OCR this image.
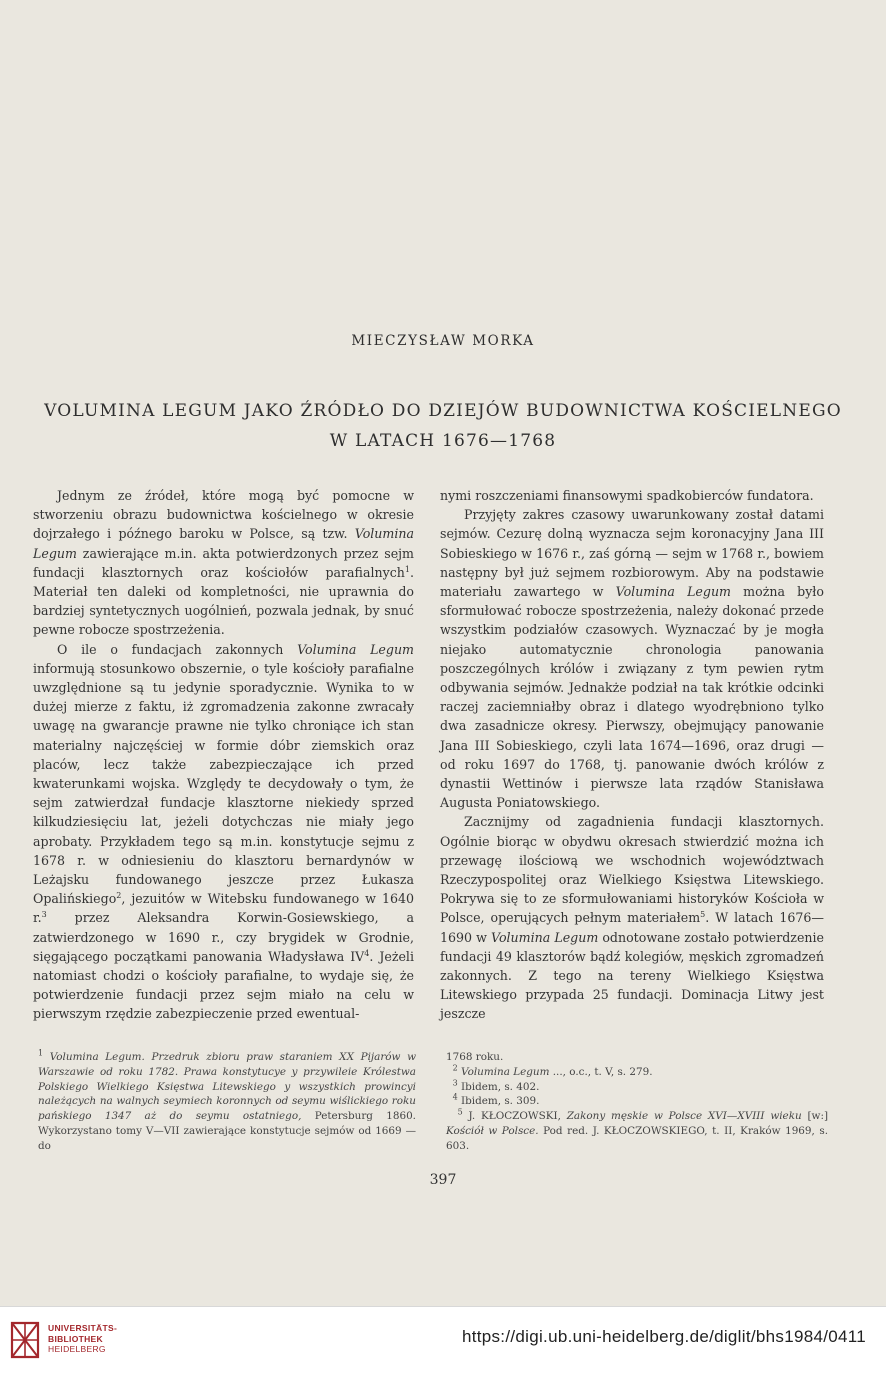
MIECZYSŁAW MORKA
VOLUMINA LEGUM JAKO ŹRÓDŁO DO DZIEJÓW BUDOWNICTWA KOŚCIELNEGO
W LATACH 1676—1768

Jednym ze źródeł, które mogą być pomocne w stworzeniu obrazu budownictwa kościelnego w okresie dojrzałego i późnego baroku w Polsce, są tzw. Volumina Legum zawierające m.in. akta potwierdzonych przez sejm fundacji klasztornych oraz kościołów parafialnych$^1$. Materiał ten daleki od kompletności, nie uprawnia do bardziej syntetycznych uogólnień, pozwala jednak, by snuć pewne robocze spostrzeżenia.

O ile o fundacjach zakonnych Volumina Legum informują stosunkowo obszernie, o tyle kościoły parafialne uwzględnione są tu jedynie sporadycznie. Wynika to w dużej mierze z faktu, iż zgromadzenia zakonne zwracały uwagę na gwarancje prawne nie tylko chroniące ich stan materialny najczęściej w formie dóbr ziemskich oraz placów, lecz także zabezpieczające ich przed kwaterunkami wojska. Względy te decydowały o tym, że sejm zatwierdzał fundacje klasztorne niekiedy sprzed kilkudziesięciu lat, jeżeli dotychczas nie miały jego aprobaty. Przykładem tego są m.in. konstytucje sejmu z 1678 r. w odniesieniu do klasztoru bernardynów w Leżajsku fundowanego jeszcze przez Łukasza Opalińskiego$^2$, jezuitów w Witebsku fundowanego w 1640 r.$^3$ przez Aleksandra Korwin-Gosiewskiego, a zatwierdzonego w 1690 r., czy brygidek w Grodnie, sięgającego początkami panowania Władysława $IV^4$. Jeżeli natomiast chodzi o kościoły parafialne, to wydaje się, że potwierdzenie fundacji przez sejm miało na celu w pierwszym rzędzie zabezpieczenie przed ewentual-

nymi roszczeniami finansowymi spadkobierców fundatora.

Przyjęty zakres czasowy uwarunkowany został datami sejmów. Cezurę dolną wyznacza sejm koronacyjny Jana III Sobieskiego w 1676 r., zaś górną — sejm w 1768 r., bowiem następny był już sejmem rozbiorowym. Aby na podstawie materiału zawartego w Volumina Legum można było sformułować robocze spostrzeżenia, należy dokonać przede wszystkim podziałów czasowych. Wyznaczać by je mogła niejako automatycznie chronologia panowania poszczególnych królów i związany z tym pewien rytm odbywania sejmów. Jednakże podział na tak krótkie odcinki raczej zaciemniałby obraz i dlatego wyodrębniono tylko dwa zasadnicze okresy. Pierwszy, obejmujący panowanie Jana III Sobieskiego, czyli lata 1674—1696, oraz drugi — od roku 1697 do 1768, tj. panowanie dwóch królów z dynastii Wettinów i pierwsze lata rządów Stanisława Augusta Poniatowskiego.

Zacznijmy od zagadnienia fundacji klasztornych. Ogólnie biorąc w obydwu okresach stwierdzić można ich przewagę ilościową we wschodnich województwach Rzeczypospolitej oraz Wielkiego Księstwa Litewskiego. Pokrywa się to ze sformułowaniami historyków Kościoła w Polsce, operujących pełnym materiałem$^5$. W latach 1676—1690 w Volumina Legum odnotowane zostało potwierdzenie fundacji 49 klasztorów bądź kolegiów, męskich zgromadzeń zakonnych. Z tego na tereny Wielkiego Księstwa Litewskiego przypada 25 fundacji. Dominacja Litwy jest jeszcze

$^1$ Volumina Legum. Przedruk zbioru praw staraniem XX Pijarów w Warszawie od roku 1782. Prawa konstytucye y przywileie Królestwa Polskiego Wielkiego Księstwa Litewskiego y wszystkich prowincyi należących na walnych seymiech koronnych od seymu wiślickiego roku pańskiego 1347 aż do seymu ostatniego, Petersburg 1860. Wykorzystano tomy V—VII zawierające konstytucje sejmów od 1669 — do

1768 roku.

$^2$ Volumina Legum ..., o.c., t. V, s. 279.

$^3$ Ibidem, s. 402.

$^4$ Ibidem, s. 309.

$^5$ J. KŁOCZOWSKI, Zakony męskie w Polsce XVI—XVIII wieku [w:] Kościół w Polsce. Pod red. J. KŁOCZOWSKIEGO, t. II, Kraków 1969, s. 603.

397
UNIVERSITÄTS-
BIBLIOTHEK
HEIDELBERG
https://digi.ub.uni-heidelberg.de/diglit/bhs1984/0411
